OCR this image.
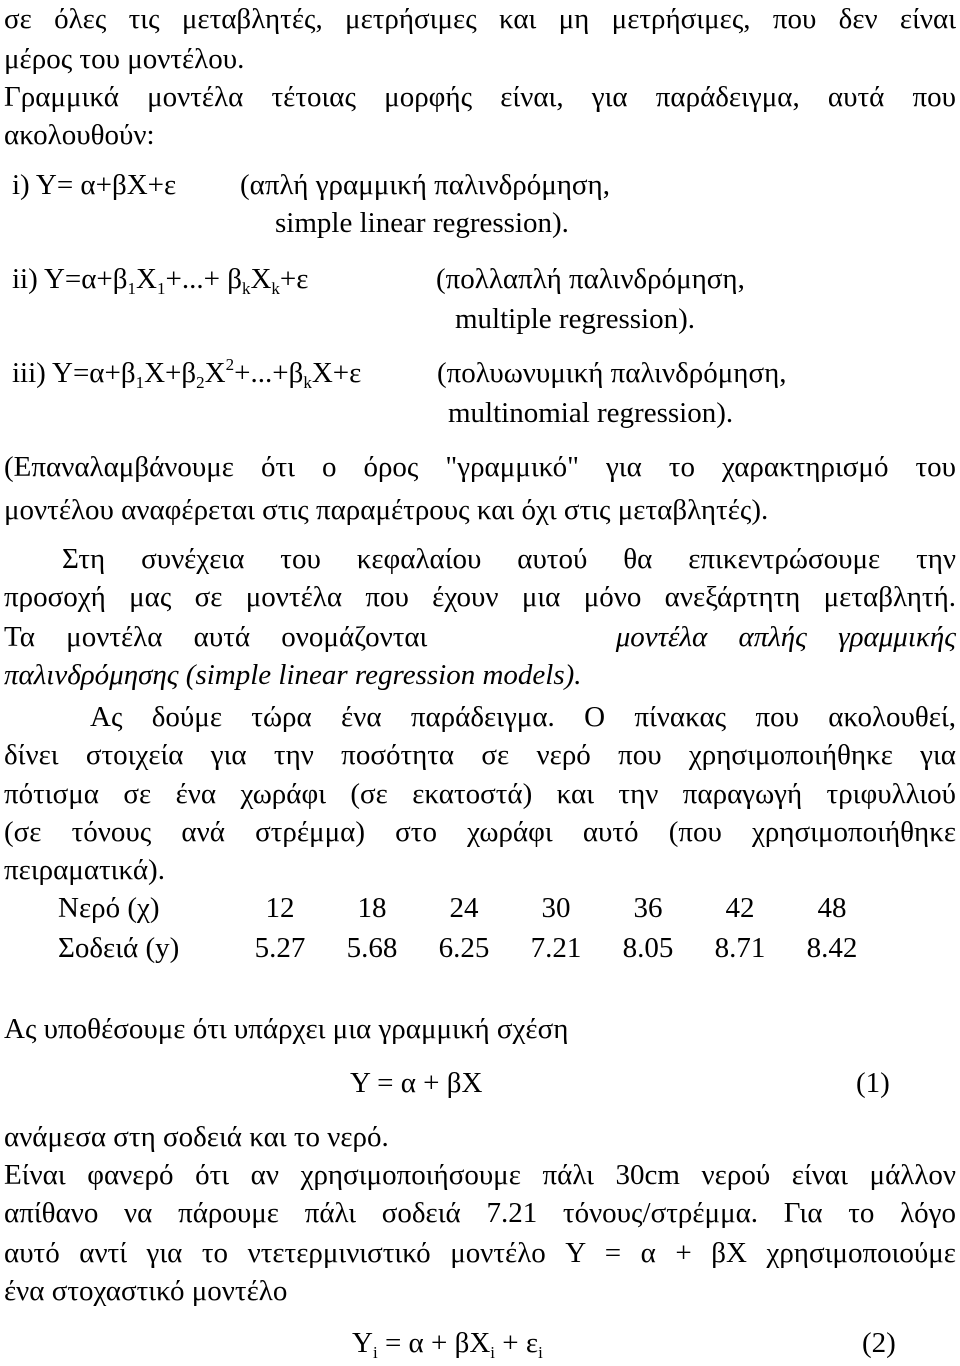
σε όλες τις μεταβλητές, μετρήσιμες και μη μετρήσιμες, που δεν είναι
μέρος του μοντέλου.
Γραμμικά μοντέλα τέτοιας μορφής είναι, για παράδειγμα, αυτά που
ακολουθούν:
i) Y= α+βX+ε (απλή γραμμική παλινδρόμηση,
simple linear regression).
ii) $Y=\alpha+\beta_1X_1+...+ \beta_kX_k+\varepsilon$	(πολλαπλή παλινδρόμηση,
multiple regression).
iii) $Y=\alpha+\beta_1X+\beta_2X^2+...+\beta_kX+\varepsilon$	(πολυωνυμική παλινδρόμηση,
multinomial regression).
(Επαναλαμβάνουμε ότι ο όρος "γραμμικό" για το χαρακτηρισμό του
μοντέλου αναφέρεται στις παραμέτρους και όχι στις μεταβλητές).
Στη συνέχεια του κεφαλαίου αυτού θα επικεντρώσουμε την
προσοχή μας σε μοντέλα που έχουν μια μόνο ανεξάρτητη μεταβλητή.
Τα μοντέλα αυτά ονομάζονται	μοντέλα απλής γραμμικής
παλινδρόμησης (simple linear regression models).
Ας δούμε τώρα ένα παράδειγμα. Ο πίνακας που ακολουθεί,
δίνει στοιχεία για την ποσότητα σε νερό που χρησιμοποιήθηκε για
πότισμα σε ένα χωράφι (σε εκατοστά) και την παραγωγή τριφυλλιού
(σε τόνους ανά στρέμμα) στο χωράφι αυτό (που χρησιμοποιήθηκε
πειραματικά).
Νερό (χ)	12	18	24	30	36	42	48
Σοδειά (y)	5.27	5.68	6.25	7.21	8.05	8.71	8.42
Ας υποθέσουμε ότι υπάρχει μια γραμμική σχέση
Y = α + βX	(1)
ανάμεσα στη σοδειά και το νερό.
Είναι φανερό ότι αν χρησιμοποιήσουμε πάλι 30cm νερού είναι μάλλον
απίθανο να πάρουμε πάλι σοδειά 7.21 τόνους/στρέμμα. Για το λόγο
αυτό αντί για το ντετερμινιστικό μοντέλο Y = α + βX χρησιμοποιούμε
ένα στοχαστικό μοντέλο
$Y_i = \alpha + \beta X_i + \varepsilon_i$	(2)
